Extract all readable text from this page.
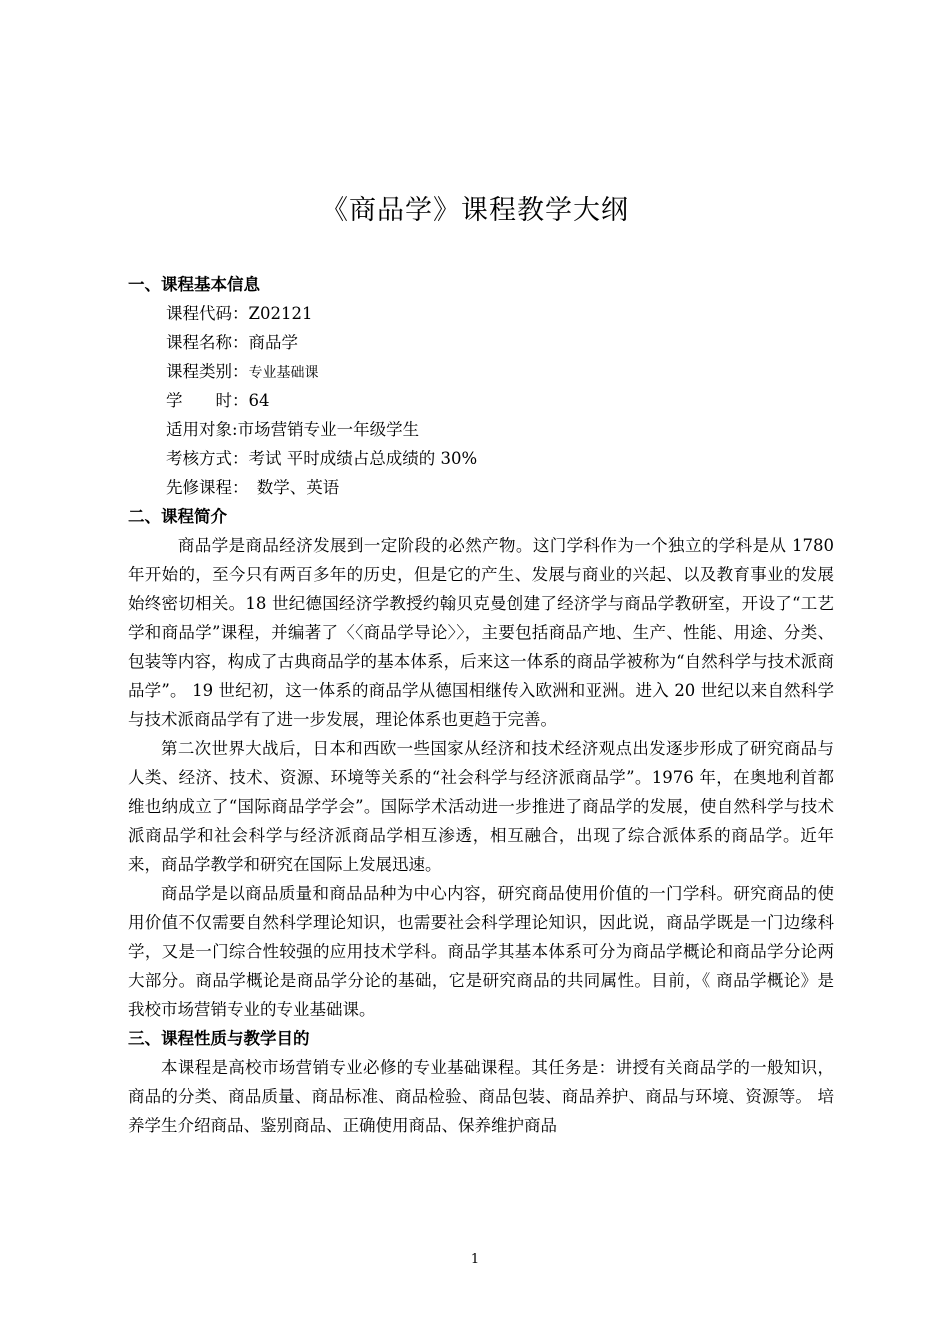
《商品学》课程教学大纲
一、课程基本信息
课程代码：Z02121
课程名称：商品学
课程类别：专业基础课
学　　时：64
适用对象:市场营销专业一年级学生
考核方式：考试 平时成绩占总成绩的 30%
先修课程：　数学、英语
二、课程简介

　商品学是商品经济发展到一定阶段的必然产物。这门学科作为一个独立的学科是从 1780 年开始的，至今只有两百多年的历史，但是它的产生、发展与商业的兴起、以及教育事业的发展始终密切相关。18 世纪德国经济学教授约翰贝克曼创建了经济学与商品学教研室，开设了“工艺学和商品学”课程，并编著了〈〈商品学导论〉〉，主要包括商品产地、生产、性能、用途、分类、包装等内容，构成了古典商品学的基本体系，后来这一体系的商品学被称为“自然科学与技术派商品学”。 19 世纪初，这一体系的商品学从德国相继传入欧洲和亚洲。进入 20 世纪以来自然科学与技术派商品学有了进一步发展，理论体系也更趋于完善。

第二次世界大战后，日本和西欧一些国家从经济和技术经济观点出发逐步形成了研究商品与人类、经济、技术、资源、环境等关系的“社会科学与经济派商品学”。1976 年，在奥地利首都维也纳成立了“国际商品学学会”。国际学术活动进一步推进了商品学的发展，使自然科学与技术派商品学和社会科学与经济派商品学相互渗透，相互融合，出现了综合派体系的商品学。近年来，商品学教学和研究在国际上发展迅速。

商品学是以商品质量和商品品种为中心内容，研究商品使用价值的一门学科。研究商品的使用价值不仅需要自然科学理论知识，也需要社会科学理论知识，因此说，商品学既是一门边缘科学，又是一门综合性较强的应用技术学科。商品学其基本体系可分为商品学概论和商品学分论两大部分。商品学概论是商品学分论的基础，它是研究商品的共同属性。目前，《 商品学概论》是我校市场营销专业的专业基础课。

三、课程性质与教学目的

本课程是高校市场营销专业必修的专业基础课程。其任务是：讲授有关商品学的一般知识，商品的分类、商品质量、商品标准、商品检验、商品包装、商品养护、商品与环境、资源等。 培养学生介绍商品、鉴别商品、正确使用商品、保养维护商品

1
